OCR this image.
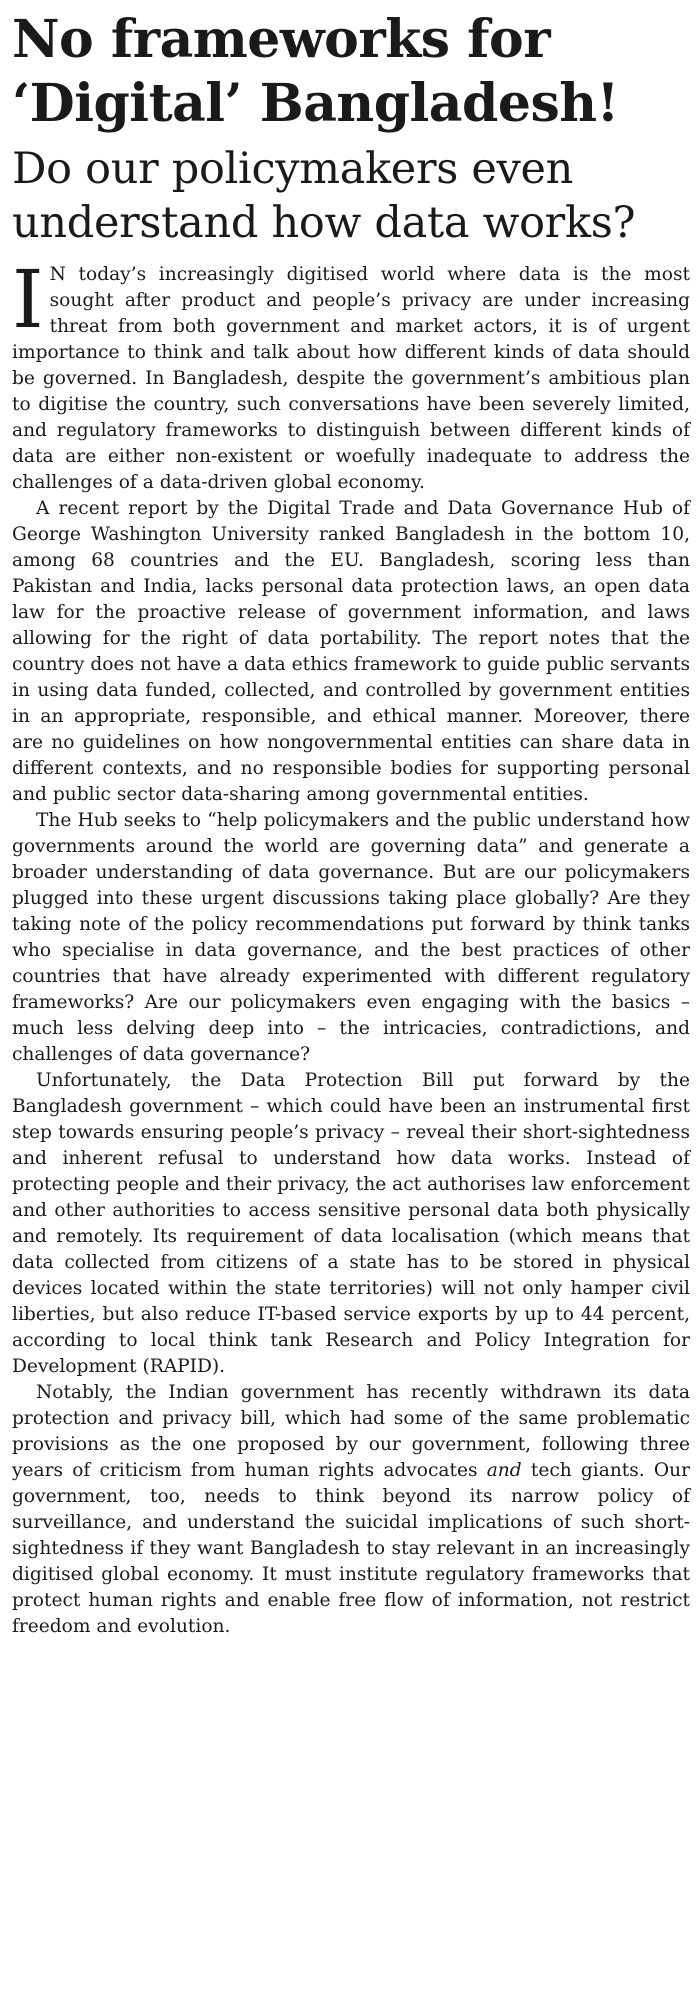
No frameworks for ‘Digital’ Bangladesh!
Do our policymakers even understand how data works?

I N today’s increasingly digitised world where data is the most sought after product and people’s privacy are under increasing threat from both government and market actors, it is of urgent importance to think and talk about how different kinds of data should be governed. In Bangladesh, despite the government’s ambitious plan to digitise the country, such conversations have been severely limited, and regulatory frameworks to distinguish between different kinds of data are either non-existent or woefully inadequate to address the challenges of a data-driven global economy.

A recent report by the Digital Trade and Data Governance Hub of George Washington University ranked Bangladesh in the bottom 10, among 68 countries and the EU. Bangladesh, scoring less than Pakistan and India, lacks personal data protection laws, an open data law for the proactive release of government information, and laws allowing for the right of data portability. The report notes that the country does not have a data ethics framework to guide public servants in using data funded, collected, and controlled by government entities in an appropriate, responsible, and ethical manner. Moreover, there are no guidelines on how nongovernmental entities can share data in different contexts, and no responsible bodies for supporting personal and public sector data-sharing among governmental entities.

The Hub seeks to “help policymakers and the public understand how governments around the world are governing data” and generate a broader understanding of data governance. But are our policymakers plugged into these urgent discussions taking place globally? Are they taking note of the policy recommendations put forward by think tanks who specialise in data governance, and the best practices of other countries that have already experimented with different regulatory frameworks? Are our policymakers even engaging with the basics – much less delving deep into – the intricacies, contradictions, and challenges of data governance?

Unfortunately, the Data Protection Bill put forward by the Bangladesh government – which could have been an instrumental first step towards ensuring people’s privacy – reveal their short-sightedness and inherent refusal to understand how data works. Instead of protecting people and their privacy, the act authorises law enforcement and other authorities to access sensitive personal data both physically and remotely. Its requirement of data localisation (which means that data collected from citizens of a state has to be stored in physical devices located within the state territories) will not only hamper civil liberties, but also reduce IT-based service exports by up to 44 percent, according to local think tank Research and Policy Integration for Development (RAPID).

Notably, the Indian government has recently withdrawn its data protection and privacy bill, which had some of the same problematic provisions as the one proposed by our government, following three years of criticism from human rights advocates and tech giants. Our government, too, needs to think beyond its narrow policy of surveillance, and understand the suicidal implications of such short-sightedness if they want Bangladesh to stay relevant in an increasingly digitised global economy. It must institute regulatory frameworks that protect human rights and enable free flow of information, not restrict freedom and evolution.
